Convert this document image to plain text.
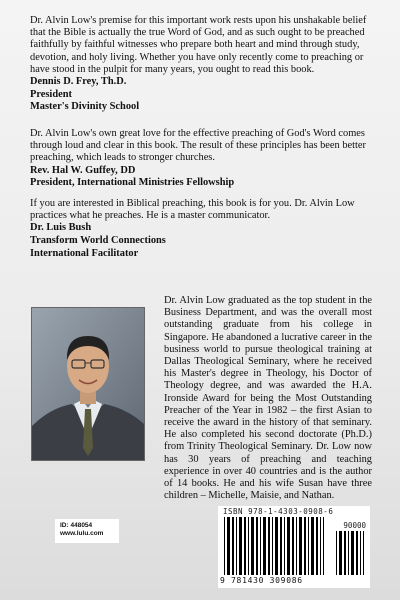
Dr. Alvin Low's premise for this important work rests upon his unshakable belief that the Bible is actually the true Word of God, and as such ought to be preached faithfully by faithful witnesses who prepare both heart and mind through study, devotion, and holy living. Whether you have only recently come to preaching or have stood in the pulpit for many years, you ought to read this book.

Dennis D. Frey, Th.D.

President

Master's Divinity School

Dr. Alvin Low's own great love for the effective preaching of God's Word comes through loud and clear in this book. The result of these principles has been better preaching, which leads to stronger churches.

Rev. Hal W. Guffey, DD

President, International Ministries Fellowship

If you are interested in Biblical preaching, this book is for you. Dr. Alvin Low practices what he preaches. He is a master communicator.

Dr. Luis Bush

Transform World Connections

International Facilitator

Dr. Alvin Low graduated as the top student in the Business Department, and was the overall most outstanding graduate from his college in Singapore. He abandoned a lucrative career in the business world to pursue theological training at Dallas Theological Seminary, where he received his Master's degree in Theology, his Doctor of Theology degree, and was awarded the H.A. Ironside Award for being the Most Outstanding Preacher of the Year in 1982 – the first Asian to receive the award in the history of that seminary. He also completed his second doctorate (Ph.D.) from Trinity Theological Seminary. Dr. Low now has 30 years of preaching and teaching experience in over 40 countries and is the author of 14 books. He and his wife Susan have three children – Michelle, Maisie, and Nathan.

ID: 448054
www.lulu.com
ISBN 978-1-4303-0908-6
90000
9 781430 309086
